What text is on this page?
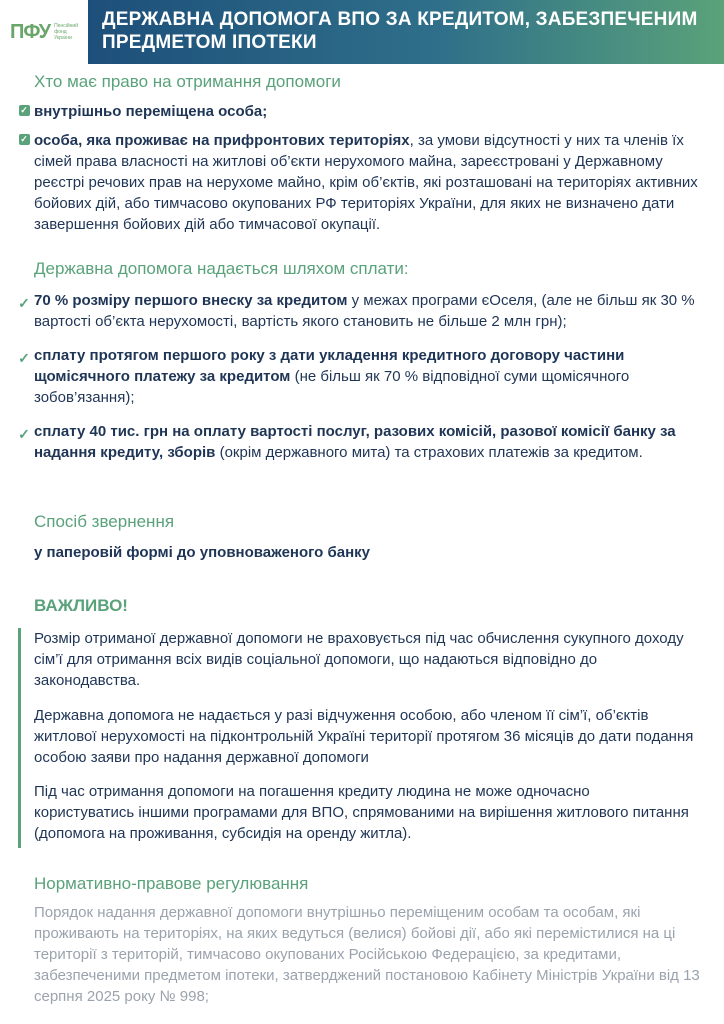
ПФУ Пенсійний фонд України
ДЕРЖАВНА ДОПОМОГА ВПО ЗА КРЕДИТОМ, ЗАБЕЗПЕЧЕНИМ ПРЕДМЕТОМ ІПОТЕКИ
Хто має право на отримання допомоги
✓ внутрішньо переміщена особа;
✓ особа, яка проживає на прифронтових територіях, за умови відсутності у них та членів їх сімей права власності на житлові об’єкти нерухомого майна, зареєстровані у Державному реєстрі речових прав на нерухоме майно, крім об’єктів, які розташовані на територіях активних бойових дій, або тимчасово окупованих РФ територіях України, для яких не визначено дати завершення бойових дій або тимчасової окупації.
Державна допомога надається шляхом сплати:
✓ 70 % розміру першого внеску за кредитом у межах програми єОселя, (але не більш як 30 % вартості об’єкта нерухомості, вартість якого становить не більше 2 млн грн);
✓ сплату протягом першого року з дати укладення кредитного договору частини щомісячного платежу за кредитом (не більш як 70 % відповідної суми щомісячного зобов’язання);
✓ сплату 40 тис. грн на оплату вартості послуг, разових комісій, разової комісії банку за надання кредиту, зборів (окрім державного мита) та страхових платежів за кредитом.
Спосіб звернення
у паперовій формі до уповноваженого банку
ВАЖЛИВО!
Розмір отриманої державної допомоги не враховується під час обчислення сукупного доходу сім’ї для отримання всіх видів соціальної допомоги, що надаються відповідно до законодавства.
Державна допомога не надається у разі відчуження особою, або членом її сім’ї, об’єктів житлової нерухомості на підконтрольній Україні території протягом 36 місяців до дати подання особою заяви про надання державної допомоги
Під час отримання допомоги на погашення кредиту людина не може одночасно користуватись іншими програмами для ВПО, спрямованими на вирішення житлового питання (допомога на проживання, субсидія на оренду житла).
Нормативно-правове регулювання
Порядок надання державної допомоги внутрішньо переміщеним особам та особам, які проживають на територіях, на яких ведуться (велися) бойові дії, або які перемістилися на ці території з територій, тимчасово окупованих Російською Федерацією, за кредитами, забезпеченими предметом іпотеки, затверджений постановою Кабінету Міністрів України від 13 серпня 2025 року № 998;
